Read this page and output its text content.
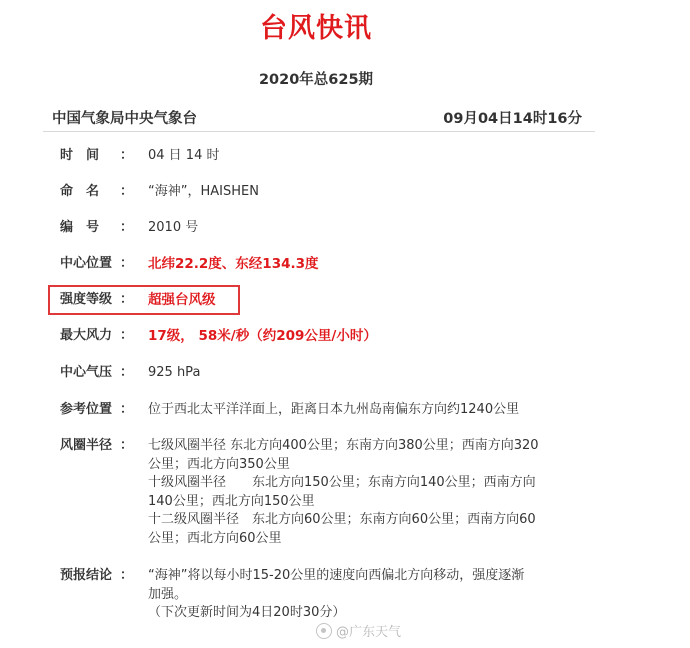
台风快讯
2020年总625期
中国气象局中央气象台	09月04日14时16分
时　间	： 04 日 14 时
命　名	： “海神”，HAISHEN
编　号	： 2010 号
中心位置 ： 北纬22.2度、东经134.3度
强度等级 ： 超强台风级
最大风力 ： 17级， 58米/秒（约209公里/小时）
中心气压 ： 925 hPa
参考位置 ： 位于西北太平洋洋面上，距离日本九州岛南偏东方向约1240公里
风圈半径 ： 七级风圈半径 东北方向400公里；东南方向380公里；西南方向320
公里；西北方向350公里
十级风圈半径　　东北方向150公里；东南方向140公里；西南方向
140公里；西北方向150公里
十二级风圈半径　东北方向60公里；东南方向60公里；西南方向60
公里；西北方向60公里
预报结论 ： “海神”将以每小时15-20公里的速度向西偏北方向移动，强度逐渐
加强。
（下次更新时间为4日20时30分）
@广东天气
